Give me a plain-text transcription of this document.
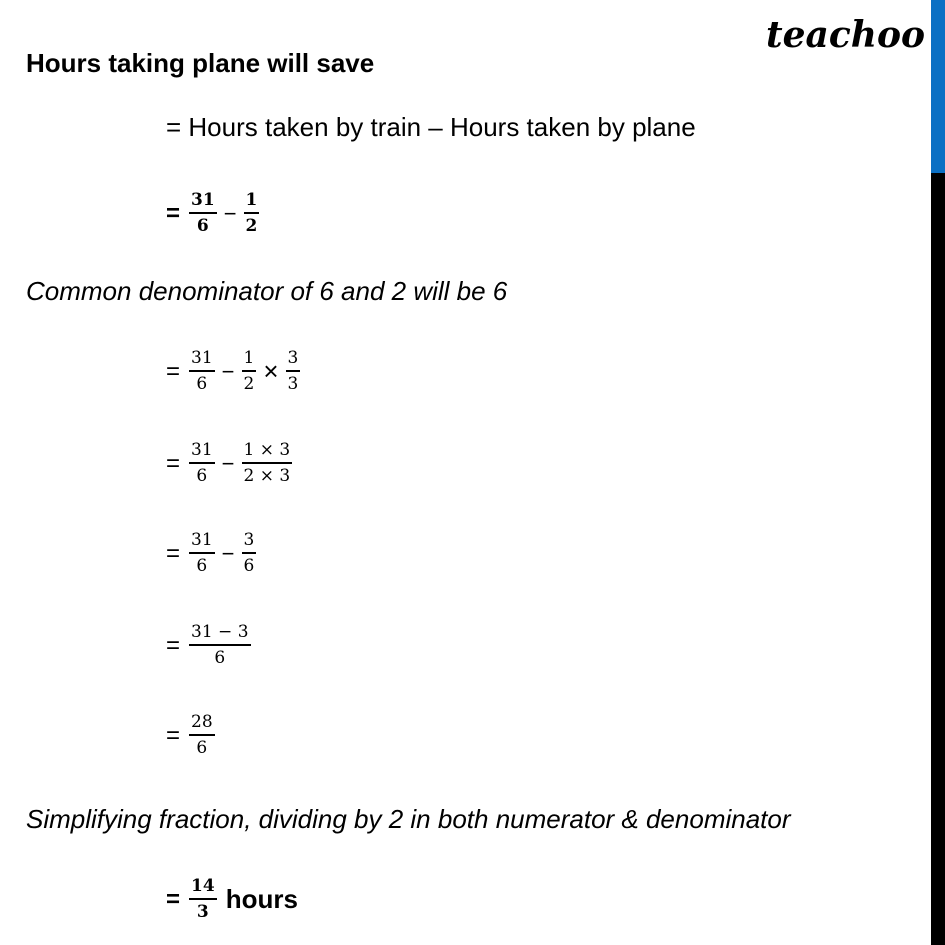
teachoo
Hours taking plane will save
= Hours taken by train – Hours taken by plane
= $\frac{31}{6} - \frac{1}{2}$
Common denominator of 6 and 2 will be 6
= $\frac{31}{6} - \frac{1}{2} \times \frac{3}{3}$
= $\frac{31}{6} - \frac{1 \times 3}{2 \times 3}$
= $\frac{31}{6} - \frac{3}{6}$
= $\frac{31 - 3}{6}$
= $\frac{28}{6}$
Simplifying fraction, dividing by 2 in both numerator & denominator
= $\frac{14}{3}$ hours
